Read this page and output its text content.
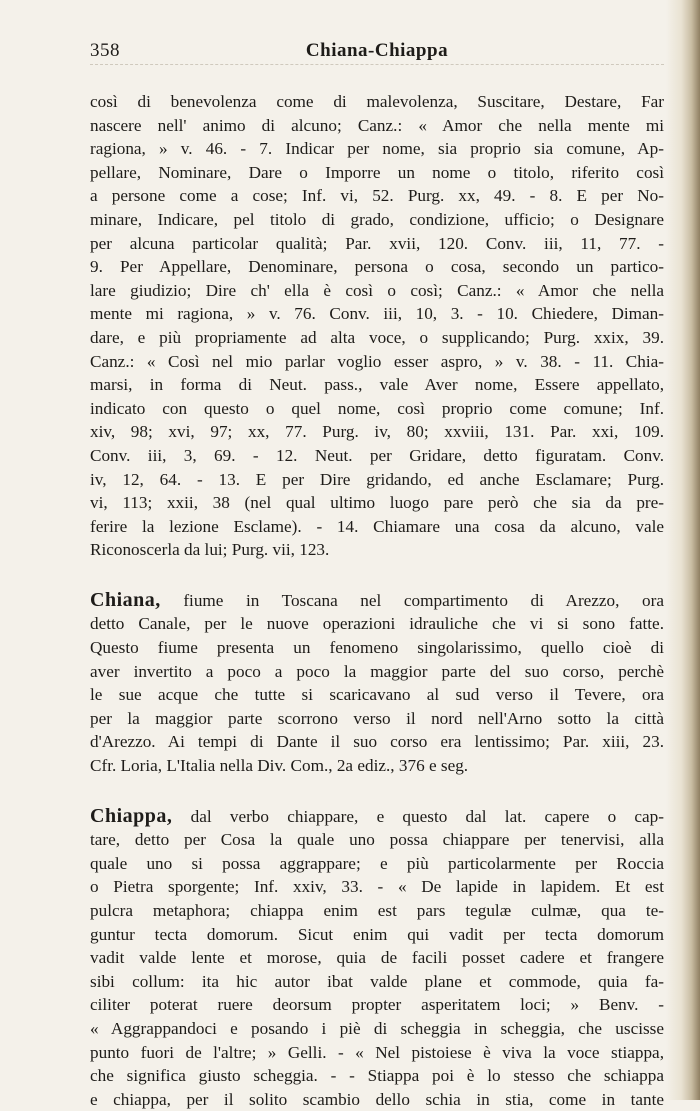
358	Chiana-Chiappa

così di benevolenza come di malevolenza, Suscitare, Destare, Far

nascere nell' animo di alcuno; Canz.: « Amor che nella mente mi

ragiona, » v. 46. - 7. Indicar per nome, sia proprio sia comune, Ap-

pellare, Nominare, Dare o Imporre un nome o titolo, riferito così

a persone come a cose; Inf. vi, 52. Purg. xx, 49. - 8. E per No-

minare, Indicare, pel titolo di grado, condizione, ufficio; o Designare

per alcuna particolar qualità; Par. xvii, 120. Conv. iii, 11, 77. -

9. Per Appellare, Denominare, persona o cosa, secondo un partico-

lare giudizio; Dire ch' ella è così o così; Canz.: « Amor che nella

mente mi ragiona, » v. 76. Conv. iii, 10, 3. - 10. Chiedere, Diman-

dare, e più propriamente ad alta voce, o supplicando; Purg. xxix, 39.

Canz.: « Così nel mio parlar voglio esser aspro, » v. 38. - 11. Chia-

marsi, in forma di Neut. pass., vale Aver nome, Essere appellato,

indicato con questo o quel nome, così proprio come comune; Inf.

xiv, 98; xvi, 97; xx, 77. Purg. iv, 80; xxviii, 131. Par. xxi, 109.

Conv. iii, 3, 69. - 12. Neut. per Gridare, detto figuratam. Conv.

iv, 12, 64. - 13. E per Dire gridando, ed anche Esclamare; Purg.

vi, 113; xxii, 38 (nel qual ultimo luogo pare però che sia da pre-

ferire la lezione Esclame). - 14. Chiamare una cosa da alcuno, vale

Riconoscerla da lui; Purg. vii, 123.

Chiana, fiume in Toscana nel compartimento di Arezzo, ora

detto Canale, per le nuove operazioni idrauliche che vi si sono fatte.

Questo fiume presenta un fenomeno singolarissimo, quello cioè di

aver invertito a poco a poco la maggior parte del suo corso, perchè

le sue acque che tutte si scaricavano al sud verso il Tevere, ora

per la maggior parte scorrono verso il nord nell'Arno sotto la città

d'Arezzo. Ai tempi di Dante il suo corso era lentissimo; Par. xiii, 23.

Cfr. Loria, L'Italia nella Div. Com., 2a ediz., 376 e seg.

Chiappa, dal verbo chiappare, e questo dal lat. capere o cap-

tare, detto per Cosa la quale uno possa chiappare per tenervisi, alla

quale uno si possa aggrappare; e più particolarmente per Roccia

o Pietra sporgente; Inf. xxiv, 33. - « De lapide in lapidem. Et est

pulcra metaphora; chiappa enim est pars tegulæ culmæ, qua te-

guntur tecta domorum. Sicut enim qui vadit per tecta domorum

vadit valde lente et morose, quia de facili posset cadere et frangere

sibi collum: ita hic autor ibat valde plane et commode, quia fa-

ciliter poterat ruere deorsum propter asperitatem loci; » Benv. -

« Aggrappandoci e posando i piè di scheggia in scheggia, che uscisse

punto fuori de l'altre; » Gelli. - « Nel pistoiese è viva la voce stiappa,

che significa giusto scheggia. - - Stiappa poi è lo stesso che schiappa

e chiappa, per il solito scambio dello schia in stia, come in tante
